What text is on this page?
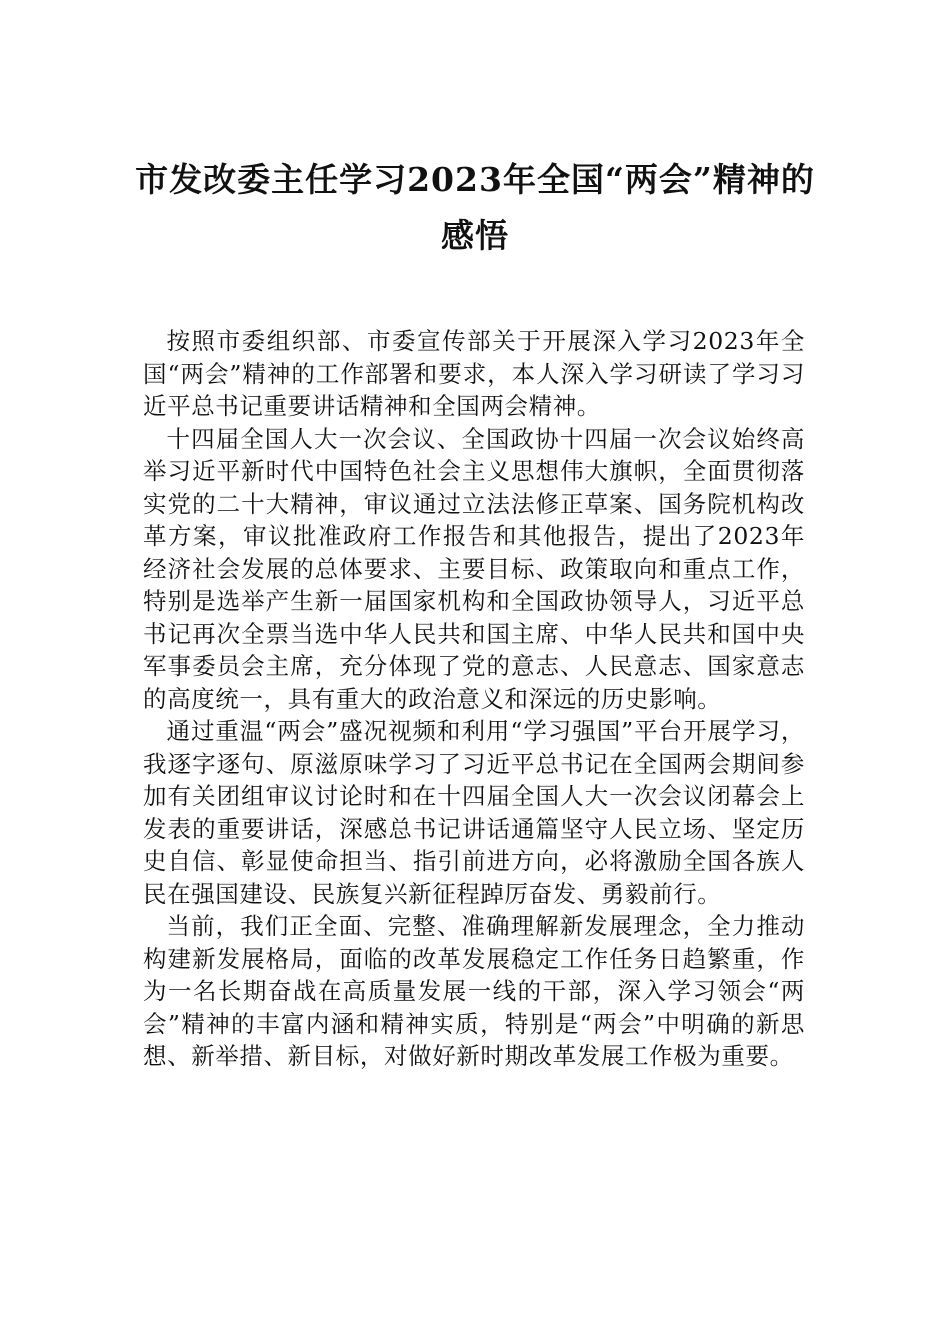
市发改委主任学习2023年全国“两会”精神的感悟

按照市委组织部、市委宣传部关于开展深入学习2023年全国“两会”精神的工作部署和要求，本人深入学习研读了学习习近平总书记重要讲话精神和全国两会精神。

十四届全国人大一次会议、全国政协十四届一次会议始终高举习近平新时代中国特色社会主义思想伟大旗帜，全面贯彻落实党的二十大精神，审议通过立法法修正草案、国务院机构改革方案，审议批准政府工作报告和其他报告，提出了2023年经济社会发展的总体要求、主要目标、政策取向和重点工作，特别是选举产生新一届国家机构和全国政协领导人，习近平总书记再次全票当选中华人民共和国主席、中华人民共和国中央军事委员会主席，充分体现了党的意志、人民意志、国家意志的高度统一，具有重大的政治意义和深远的历史影响。

通过重温“两会”盛况视频和利用“学习强国”平台开展学习，我逐字逐句、原滋原味学习了习近平总书记在全国两会期间参加有关团组审议讨论时和在十四届全国人大一次会议闭幕会上发表的重要讲话，深感总书记讲话通篇坚守人民立场、坚定历史自信、彰显使命担当、指引前进方向，必将激励全国各族人民在强国建设、民族复兴新征程踔厉奋发、勇毅前行。

当前，我们正全面、完整、准确理解新发展理念，全力推动构建新发展格局，面临的改革发展稳定工作任务日趋繁重，作为一名长期奋战在高质量发展一线的干部，深入学习领会“两会”精神的丰富内涵和精神实质，特别是“两会”中明确的新思想、新举措、新目标，对做好新时期改革发展工作极为重要。
